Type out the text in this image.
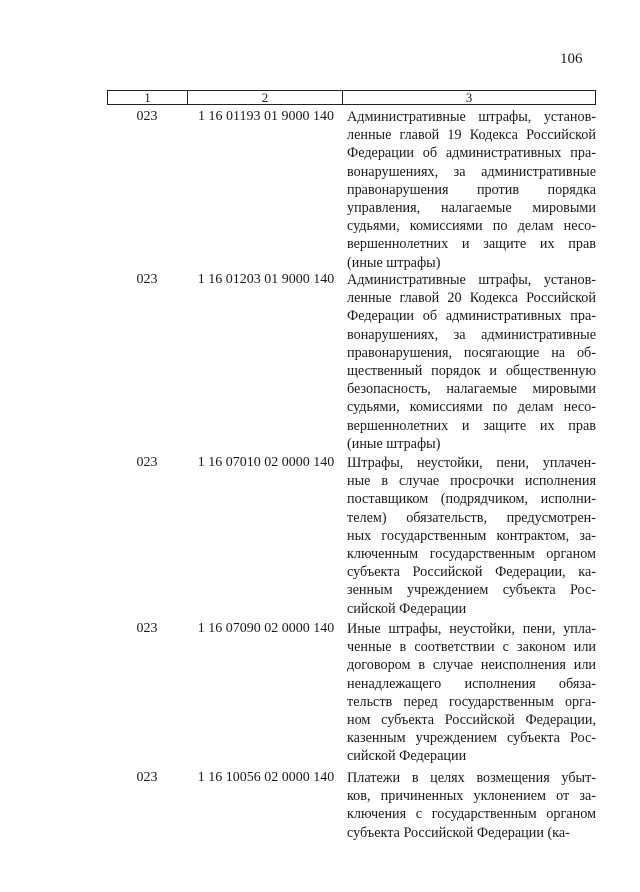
106
1	2	3
023	1 16 01193 01 9000 140 Административные штрафы, установ-
ленные главой 19 Кодекса Российской
Федерации об административных пра-
вонарушениях, за административные
правонарушения против порядка
управления, налагаемые мировыми
судьями, комиссиями по делам несо-
вершеннолетних и защите их прав
(иные штрафы)
023	1 16 01203 01 9000 140 Административные штрафы, установ-
ленные главой 20 Кодекса Российской
Федерации об административных пра-
вонарушениях, за административные
правонарушения, посягающие на об-
щественный порядок и общественную
безопасность, налагаемые мировыми
судьями, комиссиями по делам несо-
вершеннолетних и защите их прав
(иные штрафы)
023	1 16 07010 02 0000 140 Штрафы, неустойки, пени, уплачен-
ные в случае просрочки исполнения
поставщиком (подрядчиком, исполни-
телем) обязательств, предусмотрен-
ных государственным контрактом, за-
ключенным государственным органом
субъекта Российской Федерации, ка-
зенным учреждением субъекта Рос-
сийской Федерации
023	1 16 07090 02 0000 140 Иные штрафы, неустойки, пени, упла-
ченные в соответствии с законом или
договором в случае неисполнения или
ненадлежащего исполнения обяза-
тельств перед государственным орга-
ном субъекта Российской Федерации,
казенным учреждением субъекта Рос-
сийской Федерации
023	1 16 10056 02 0000 140 Платежи в целях возмещения убыт-
ков, причиненных уклонением от за-
ключения с государственным органом
субъекта Российской Федерации (ка-
